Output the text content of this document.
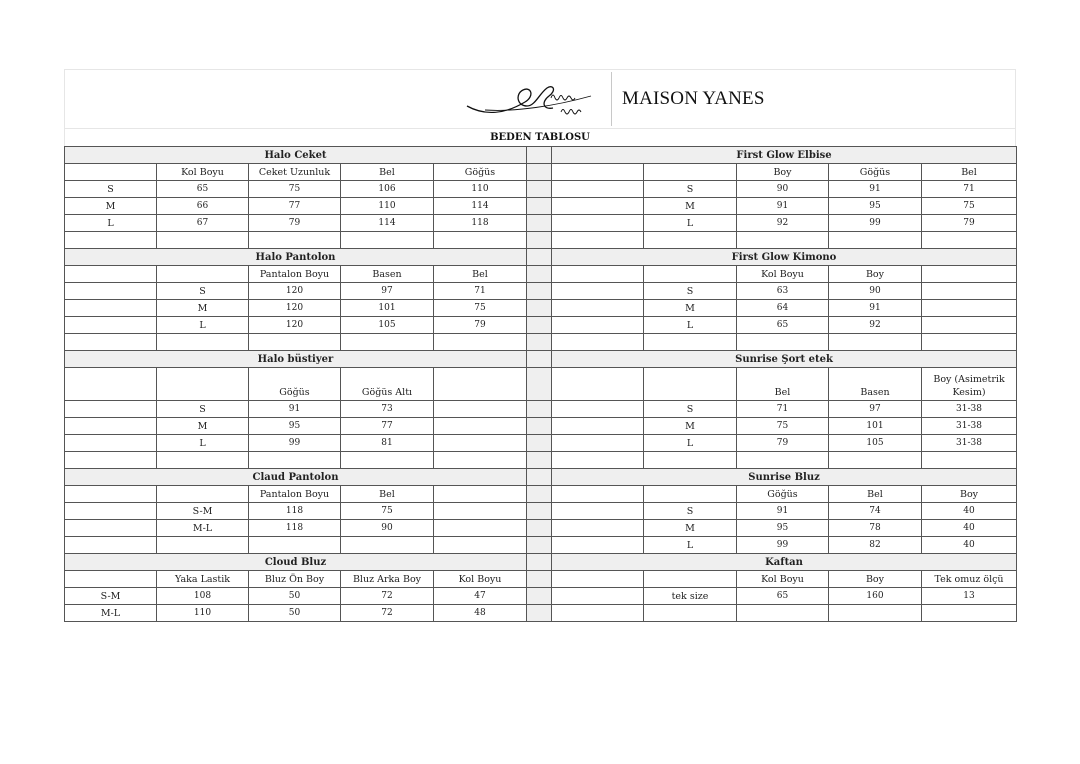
MAISON YANES
BEDEN TABLOSU
Halo Ceket						First Glow Elbise				
	Kol Boyu	Ceket Uzunluk	Bel	Göğüs				Boy	Göğüs	Bel
S	65	75	106	110			S	90	91	71
M	66	77	110	114			M	91	95	75
L	67	79	114	118			L	92	99	79

Halo Pantolon						First Glow Kimono				
		Pantalon Boyu	Basen	Bel				Kol Boyu	Boy	
	S	120	97	71			S	63	90	
	M	120	101	75			M	64	91	
	L	120	105	79			L	65	92	

Halo büstiyer						Sunrise Şort etek				
		Göğüs	Göğüs Altı					Bel	Basen	Boy (Asimetrik Kesim)
	S	91	73				S	71	97	31-38
	M	95	77				M	75	101	31-38
	L	99	81				L	79	105	31-38

Claud Pantolon						Sunrise Bluz				
		Pantalon Boyu	Bel					Göğüs	Bel	Boy
	S-M	118	75				S	91	74	40
	M-L	118	90				M	95	78	40
							L	99	82	40
Cloud Bluz						Kaftan				
	Yaka Lastik	Bluz Ön Boy	Bluz Arka Boy	Kol Boyu				Kol Boyu	Boy	Tek omuz ölçü
S-M	108	50	72	47			tek size	65	160	13
M-L	110	50	72	48						
